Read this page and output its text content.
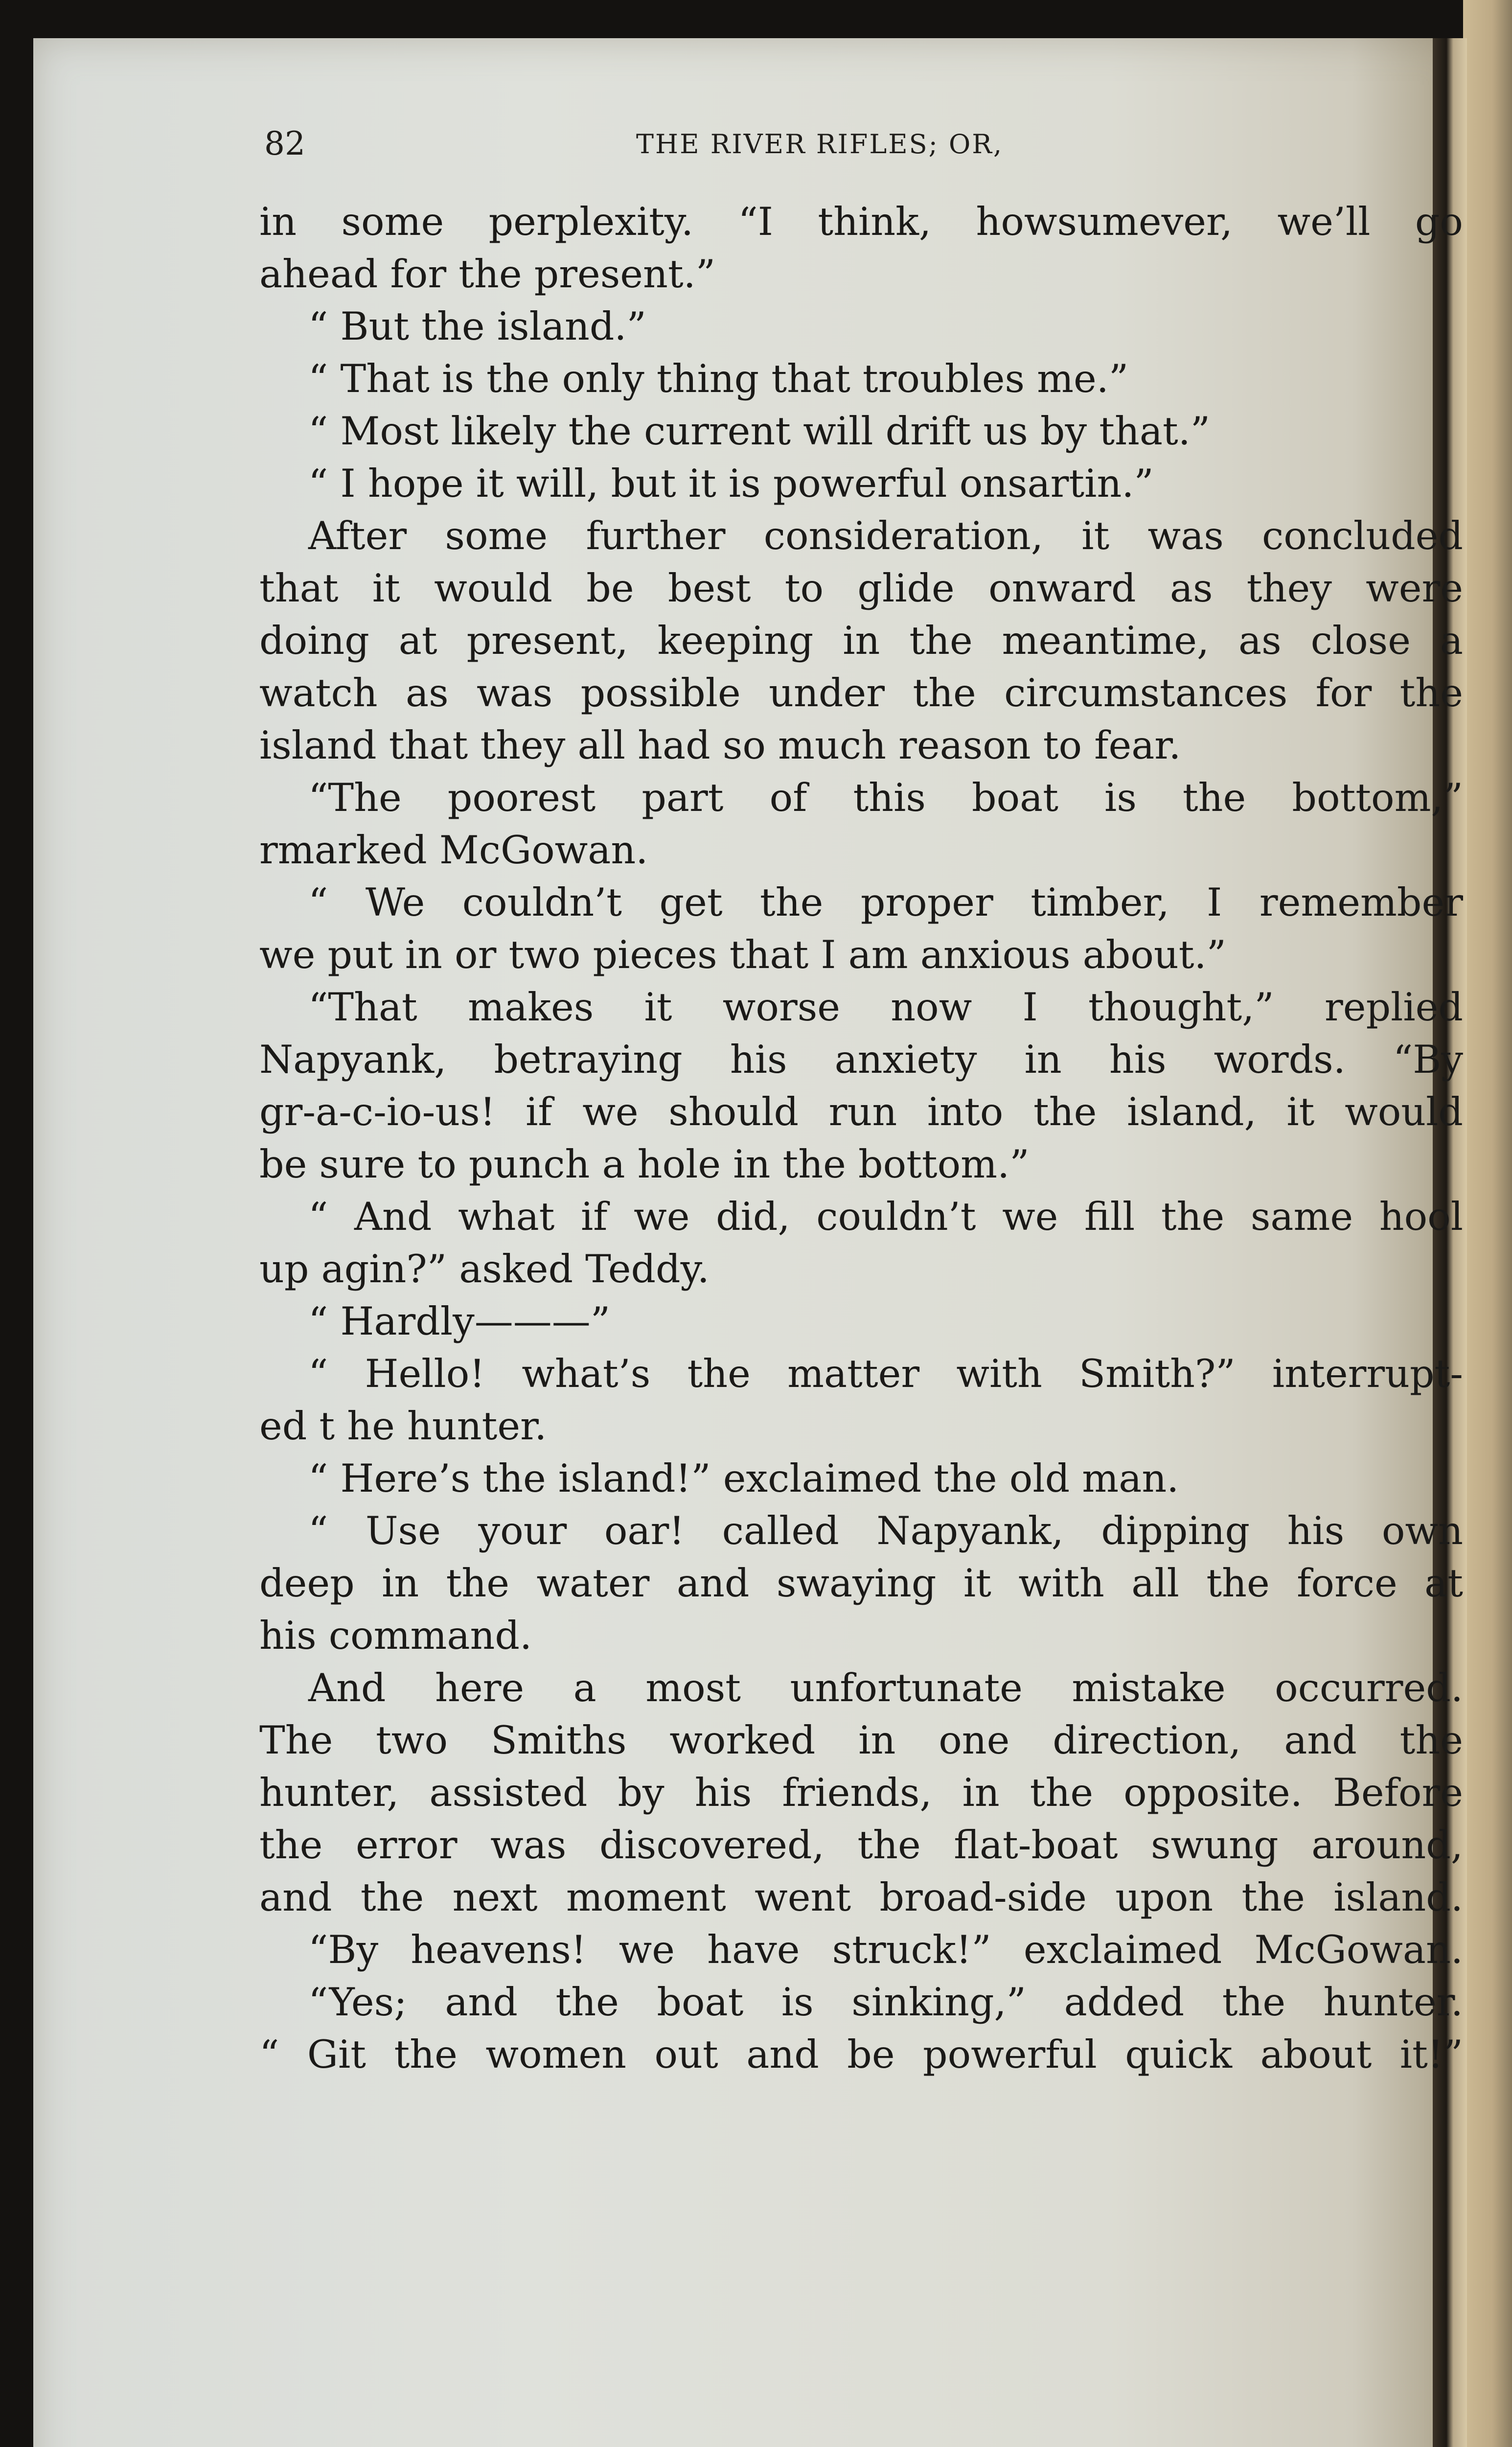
82	THE RIVER RIFLES; OR,
in some perplexity. “I think, howsumever, we’ll go
ahead for the present.”
“ But the island.”
“ That is the only thing that troubles me.”
“ Most likely the current will drift us by that.”
“ I hope it will, but it is powerful onsartin.”
After some further consideration, it was concluded
that it would be best to glide onward as they were
doing at present, keeping in the meantime, as close a
watch as was possible under the circumstances for the
island that they all had so much reason to fear.
“The poorest part of this boat is the bottom,”
rmarked McGowan.
“ We couldn’t get the proper timber, I remember
we put in or two pieces that I am anxious about.”
“That makes it worse now I thought,” replied
Napyank, betraying his anxiety in his words. “By
gr-a-c-io-us! if we should run into the island, it would
be sure to punch a hole in the bottom.”
“ And what if we did, couldn’t we fill the same hool
up agin?” asked Teddy.
“ Hardly———”
“ Hello! what’s the matter with Smith?” interrupt-
ed t he hunter.
“ Here’s the island!” exclaimed the old man.
“ Use your oar! called Napyank, dipping his own
deep in the water and swaying it with all the force at
his command.
And here a most unfortunate mistake occurred.
The two Smiths worked in one direction, and the
hunter, assisted by his friends, in the opposite. Before
the error was discovered, the flat-boat swung around,
and the next moment went broad-side upon the island.
“By heavens! we have struck!” exclaimed McGowan.
“Yes; and the boat is sinking,” added the hunter.
“ Git the women out and be powerful quick about it!”
